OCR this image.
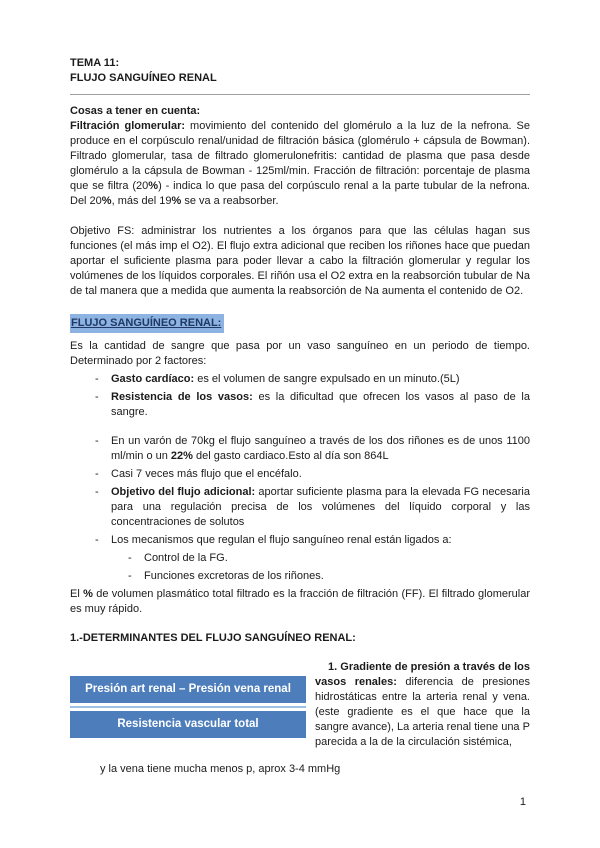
TEMA 11:
FLUJO SANGUÍNEO RENAL
Cosas a tener en cuenta:

Filtración glomerular: movimiento del contenido del glomérulo a la luz de la nefrona. Se produce en el corpúsculo renal/unidad de filtración básica (glomérulo + cápsula de Bowman). Filtrado glomerular, tasa de filtrado glomerulonefritis: cantidad de plasma que pasa desde glomérulo a la cápsula de Bowman - 125ml/min. Fracción de filtración: porcentaje de plasma que se filtra (20%) - indica lo que pasa del corpúsculo renal a la parte tubular de la nefrona. Del 20%, más del 19% se va a reabsorber.

Objetivo FS: administrar los nutrientes a los órganos para que las células hagan sus funciones (el más imp el O2). El flujo extra adicional que reciben los riñones hace que puedan aportar el suficiente plasma para poder llevar a cabo la filtración glomerular y regular los volúmenes de los líquidos corporales. El riñón usa el O2 extra en la reabsorción tubular de Na de tal manera que a medida que aumenta la reabsorción de Na aumenta el contenido de O2.

FLUJO SANGUÍNEO RENAL:

Es la cantidad de sangre que pasa por un vaso sanguíneo en un periodo de tiempo. Determinado por 2 factores:

-	Gasto cardíaco: es el volumen de sangre expulsado en un minuto.(5L)
-	Resistencia de los vasos: es la dificultad que ofrecen los vasos al paso de la sangre.
-	En un varón de 70kg el flujo sanguíneo a través de los dos riñones es de unos 1100 ml/min o un 22% del gasto cardiaco.Esto al día son 864L
-	Casi 7 veces más flujo que el encéfalo.
-	Objetivo del flujo adicional: aportar suficiente plasma para la elevada FG necesaria para una regulación precisa de los volúmenes del líquido corporal y las concentraciones de solutos
-	Los mecanismos que regulan el flujo sanguíneo renal están ligados a:
-	Control de la FG.
-	Funciones excretoras de los riñones.

El % de volumen plasmático total filtrado es la fracción de filtración (FF). El filtrado glomerular es muy rápido.

1.-DETERMINANTES DEL FLUJO SANGUÍNEO RENAL:
Presión art renal – Presión vena renal
Resistencia vascular total
1. Gradiente de presión a través de los vasos renales: diferencia de presiones hidrostáticas entre la arteria renal y vena. (este gradiente es el que hace que la sangre avance), La arteria renal tiene una P parecida a la de la circulación sistémica,

y la vena tiene mucha menos p, aprox 3-4 mmHg

1
